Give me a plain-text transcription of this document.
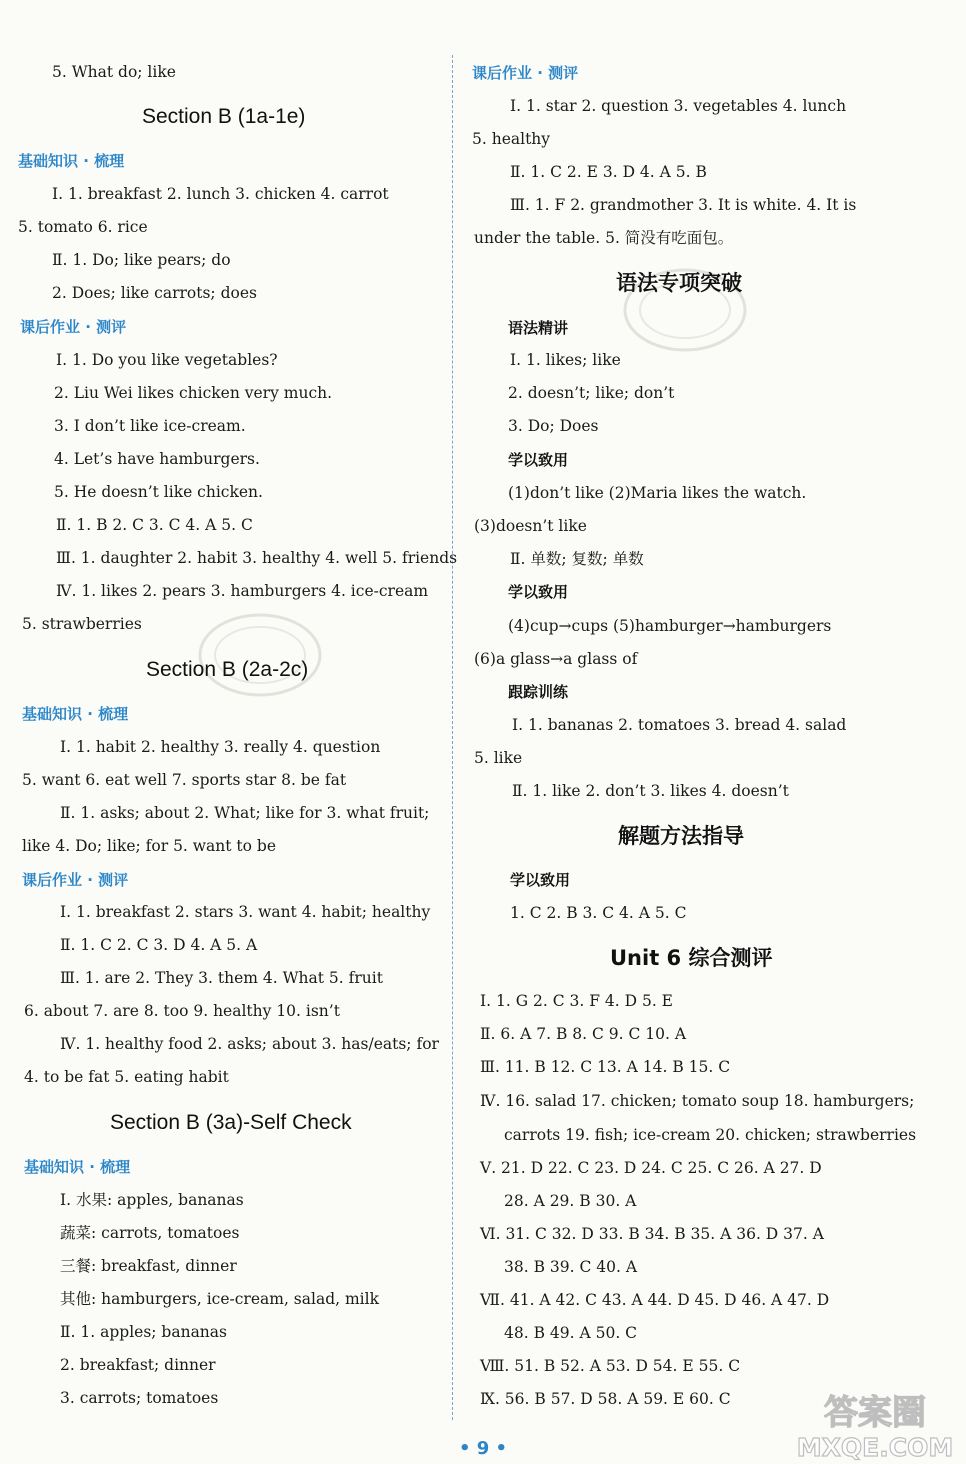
5. What do; like
Section B (1a-1e)
基础知识 · 梳理
Ⅰ. 1. breakfast 2. lunch 3. chicken 4. carrot
5. tomato 6. rice
Ⅱ. 1. Do; like pears; do
2. Does; like carrots; does
课后作业 · 测评
Ⅰ. 1. Do you like vegetables?
2. Liu Wei likes chicken very much.
3. I don’t like ice-cream.
4. Let’s have hamburgers.
5. He doesn’t like chicken.
Ⅱ. 1. B 2. C 3. C 4. A 5. C
Ⅲ. 1. daughter 2. habit 3. healthy 4. well 5. friends
Ⅳ. 1. likes 2. pears 3. hamburgers 4. ice-cream
5. strawberries
Section B (2a-2c)
基础知识 · 梳理
Ⅰ. 1. habit 2. healthy 3. really 4. question
5. want 6. eat well 7. sports star 8. be fat
Ⅱ. 1. asks; about 2. What; like for 3. what fruit;
like 4. Do; like; for 5. want to be
课后作业 · 测评
Ⅰ. 1. breakfast 2. stars 3. want 4. habit; healthy
Ⅱ. 1. C 2. C 3. D 4. A 5. A
Ⅲ. 1. are 2. They 3. them 4. What 5. fruit
6. about 7. are 8. too 9. healthy 10. isn’t
Ⅳ. 1. healthy food 2. asks; about 3. has/eats; for
4. to be fat 5. eating habit
Section B (3a)-Self Check
基础知识 · 梳理
Ⅰ. 水果: apples, bananas
蔬菜: carrots, tomatoes
三餐: breakfast, dinner
其他: hamburgers, ice-cream, salad, milk
Ⅱ. 1. apples; bananas
2. breakfast; dinner
3. carrots; tomatoes
课后作业 · 测评
Ⅰ. 1. star 2. question 3. vegetables 4. lunch
5. healthy
Ⅱ. 1. C 2. E 3. D 4. A 5. B
Ⅲ. 1. F 2. grandmother 3. It is white. 4. It is
under the table. 5. 简没有吃面包。
语法专项突破
语法精讲
Ⅰ. 1. likes; like
2. doesn’t; like; don’t
3. Do; Does
学以致用
(1)don’t like (2)Maria likes the watch.
(3)doesn’t like
Ⅱ. 单数; 复数; 单数
学以致用
(4)cup→cups (5)hamburger→hamburgers
(6)a glass→a glass of
跟踪训练
Ⅰ. 1. bananas 2. tomatoes 3. bread 4. salad
5. like
Ⅱ. 1. like 2. don’t 3. likes 4. doesn’t
解题方法指导
学以致用
1. C 2. B 3. C 4. A 5. C
Unit 6 综合测评
Ⅰ. 1. G 2. C 3. F 4. D 5. E
Ⅱ. 6. A 7. B 8. C 9. C 10. A
Ⅲ. 11. B 12. C 13. A 14. B 15. C
Ⅳ. 16. salad 17. chicken; tomato soup 18. hamburgers;
carrots 19. fish; ice-cream 20. chicken; strawberries
Ⅴ. 21. D 22. C 23. D 24. C 25. C 26. A 27. D
28. A 29. B 30. A
Ⅵ. 31. C 32. D 33. B 34. B 35. A 36. D 37. A
38. B 39. C 40. A
Ⅶ. 41. A 42. C 43. A 44. D 45. D 46. A 47. D
48. B 49. A 50. C
Ⅷ. 51. B 52. A 53. D 54. E 55. C
Ⅸ. 56. B 57. D 58. A 59. E 60. C
• 9 •
答案圈
MXQE.COM
